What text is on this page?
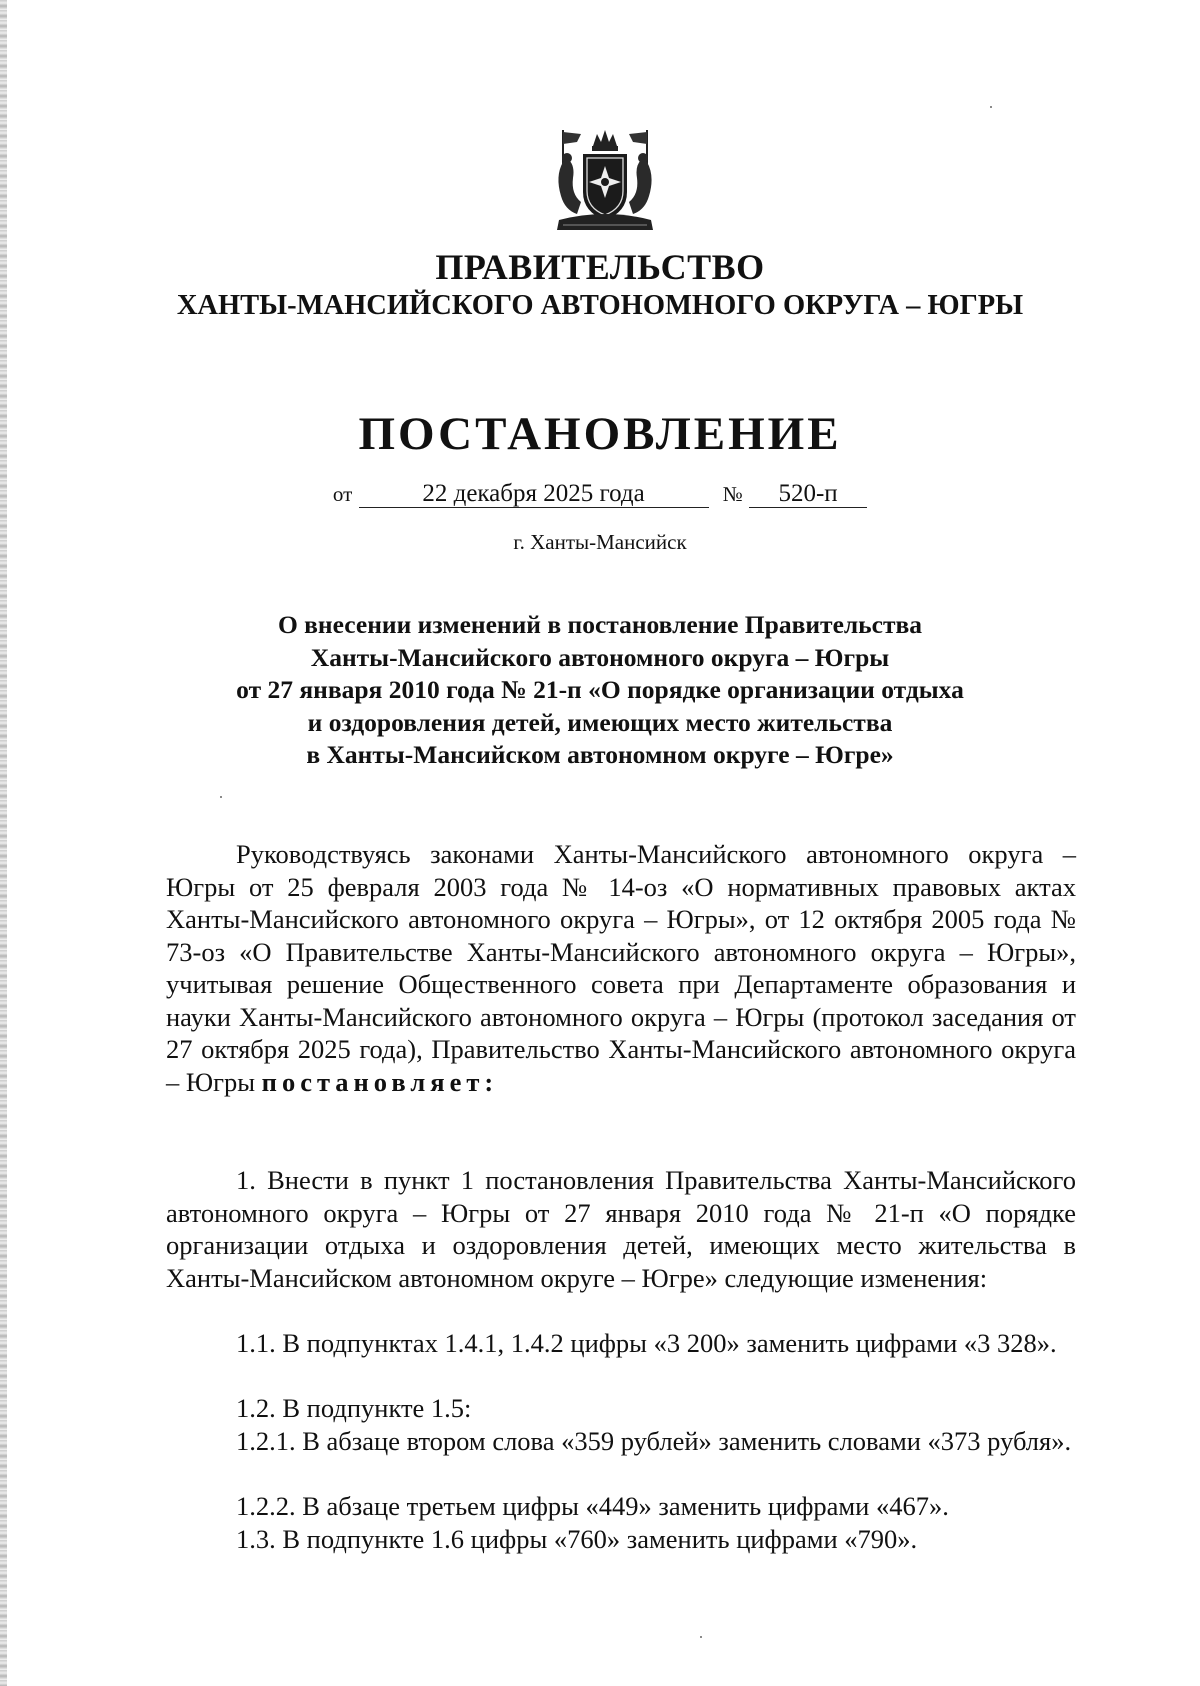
ПРАВИТЕЛЬСТВО
ХАНТЫ-МАНСИЙСКОГО АВТОНОМНОГО ОКРУГА – ЮГРЫ
ПОСТАНОВЛЕНИЕ
от	22 декабря 2025 года	№ 520-п
г. Ханты-Мансийск
О внесении изменений в постановление Правительства
Ханты-Мансийского автономного округа – Югры
от 27 января 2010 года № 21-п «О порядке организации отдыха
и оздоровления детей, имеющих место жительства
в Ханты-Мансийском автономном округе – Югре»
Руководствуясь законами Ханты-Мансийского автономного округа – Югры от 25 февраля 2003 года № 14-оз «О нормативных правовых актах Ханты-Мансийского автономного округа – Югры», от 12 октября 2005 года № 73-оз «О Правительстве Ханты-Мансийского автономного округа – Югры», учитывая решение Общественного совета при Департаменте образования и науки Ханты-Мансийского автономного округа – Югры (протокол заседания от 27 октября 2025 года), Правительство Ханты-Мансийского автономного округа – Югры постановляет:
1. Внести в пункт 1 постановления Правительства Ханты-Мансийского автономного округа – Югры от 27 января 2010 года № 21-п «О порядке организации отдыха и оздоровления детей, имеющих место жительства в Ханты-Мансийском автономном округе – Югре» следующие изменения:
1.1. В подпунктах 1.4.1, 1.4.2 цифры «3 200» заменить цифрами «3 328».
1.2. В подпункте 1.5:
1.2.1. В абзаце втором слова «359 рублей» заменить словами «373 рубля».
1.2.2. В абзаце третьем цифры «449» заменить цифрами «467».
1.3. В подпункте 1.6 цифры «760» заменить цифрами «790».
